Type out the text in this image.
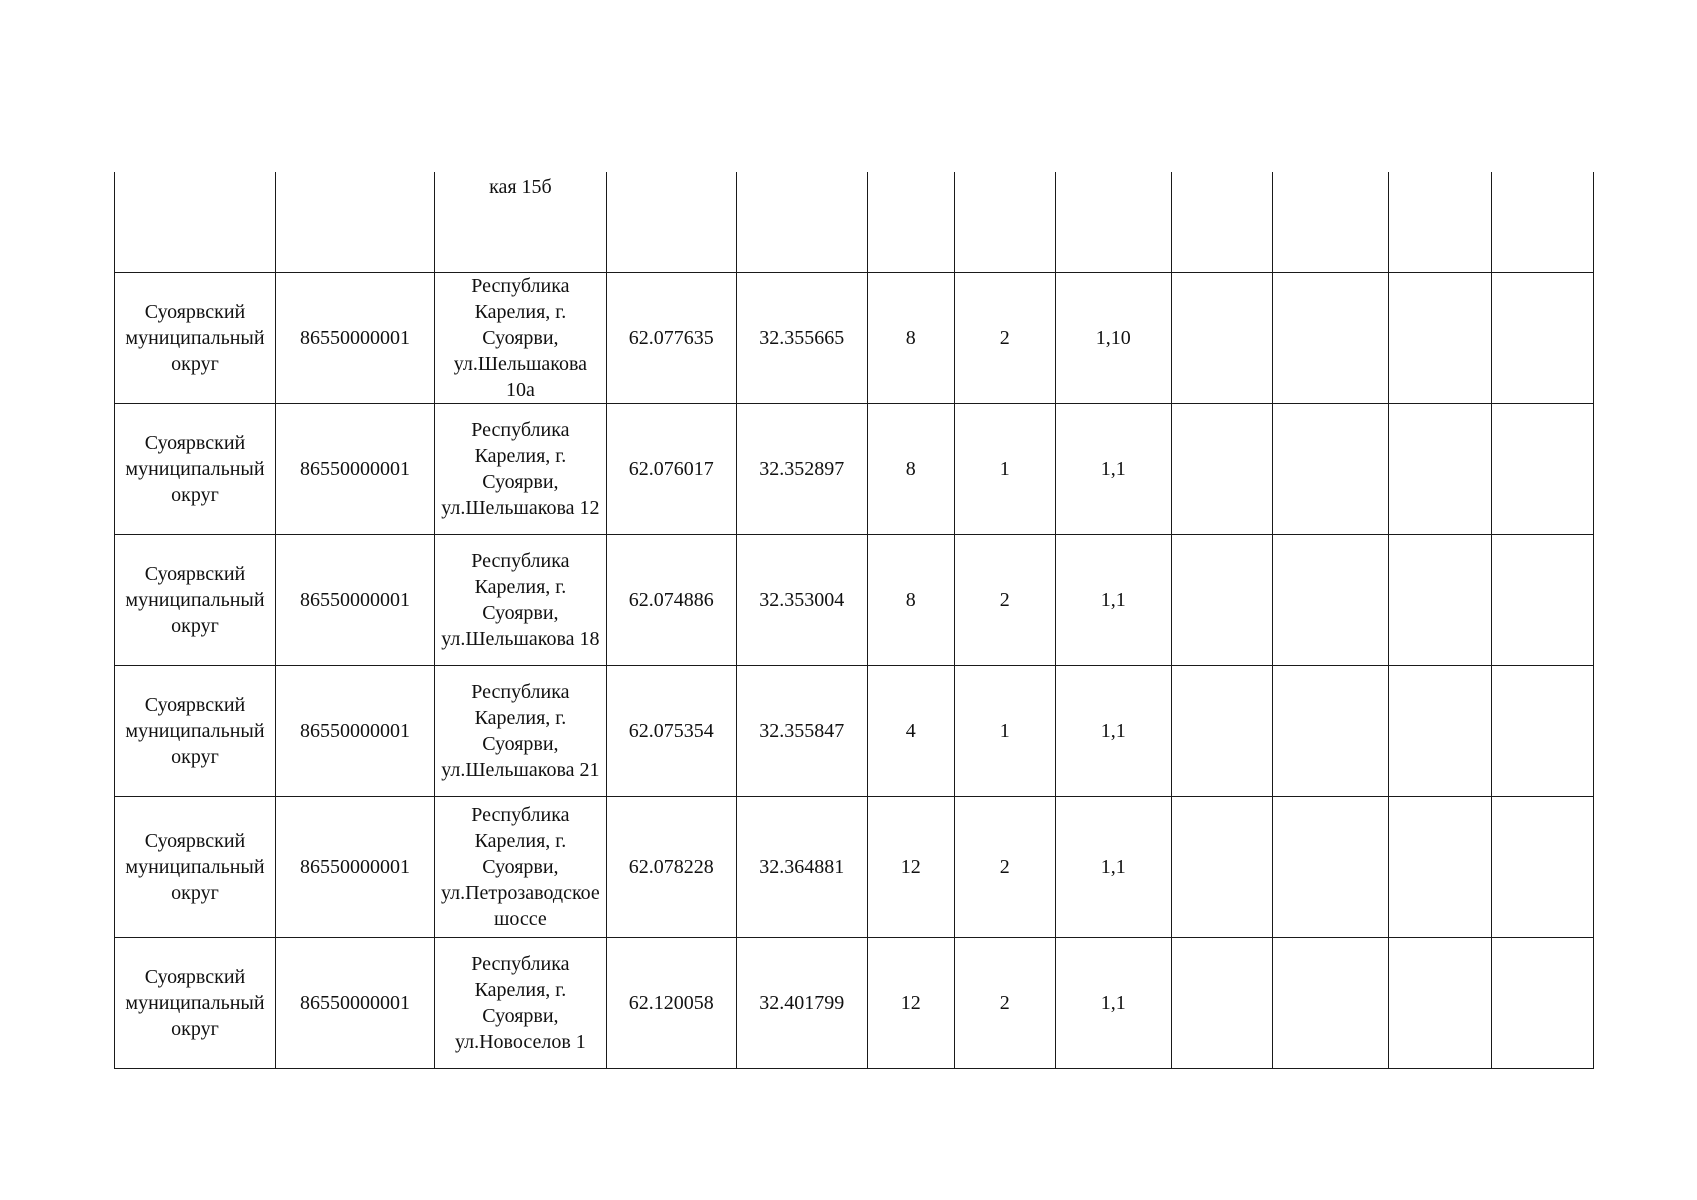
		кая 15б									

Суоярвский муниципальный округ	86550000001	Республика Карелия, г. Суоярви, ул.Шельшакова 10а	62.077635	32.355665	8	2	1,10				

Суоярвский муниципальный округ	86550000001	Республика Карелия, г. Суоярви, ул.Шельшакова 12	62.076017	32.352897	8	1	1,1				

Суоярвский муниципальный округ	86550000001	Республика Карелия, г. Суоярви, ул.Шельшакова 18	62.074886	32.353004	8	2	1,1				

Суоярвский муниципальный округ	86550000001	Республика Карелия, г. Суоярви, ул.Шельшакова 21	62.075354	32.355847	4	1	1,1				

Суоярвский муниципальный округ	86550000001	Республика Карелия, г. Суоярви, ул.Петрозаводское шоссе	62.078228	32.364881	12	2	1,1				

Суоярвский муниципальный округ	86550000001	Республика Карелия, г. Суоярви, ул.Новоселов 1	62.120058	32.401799	12	2	1,1				
